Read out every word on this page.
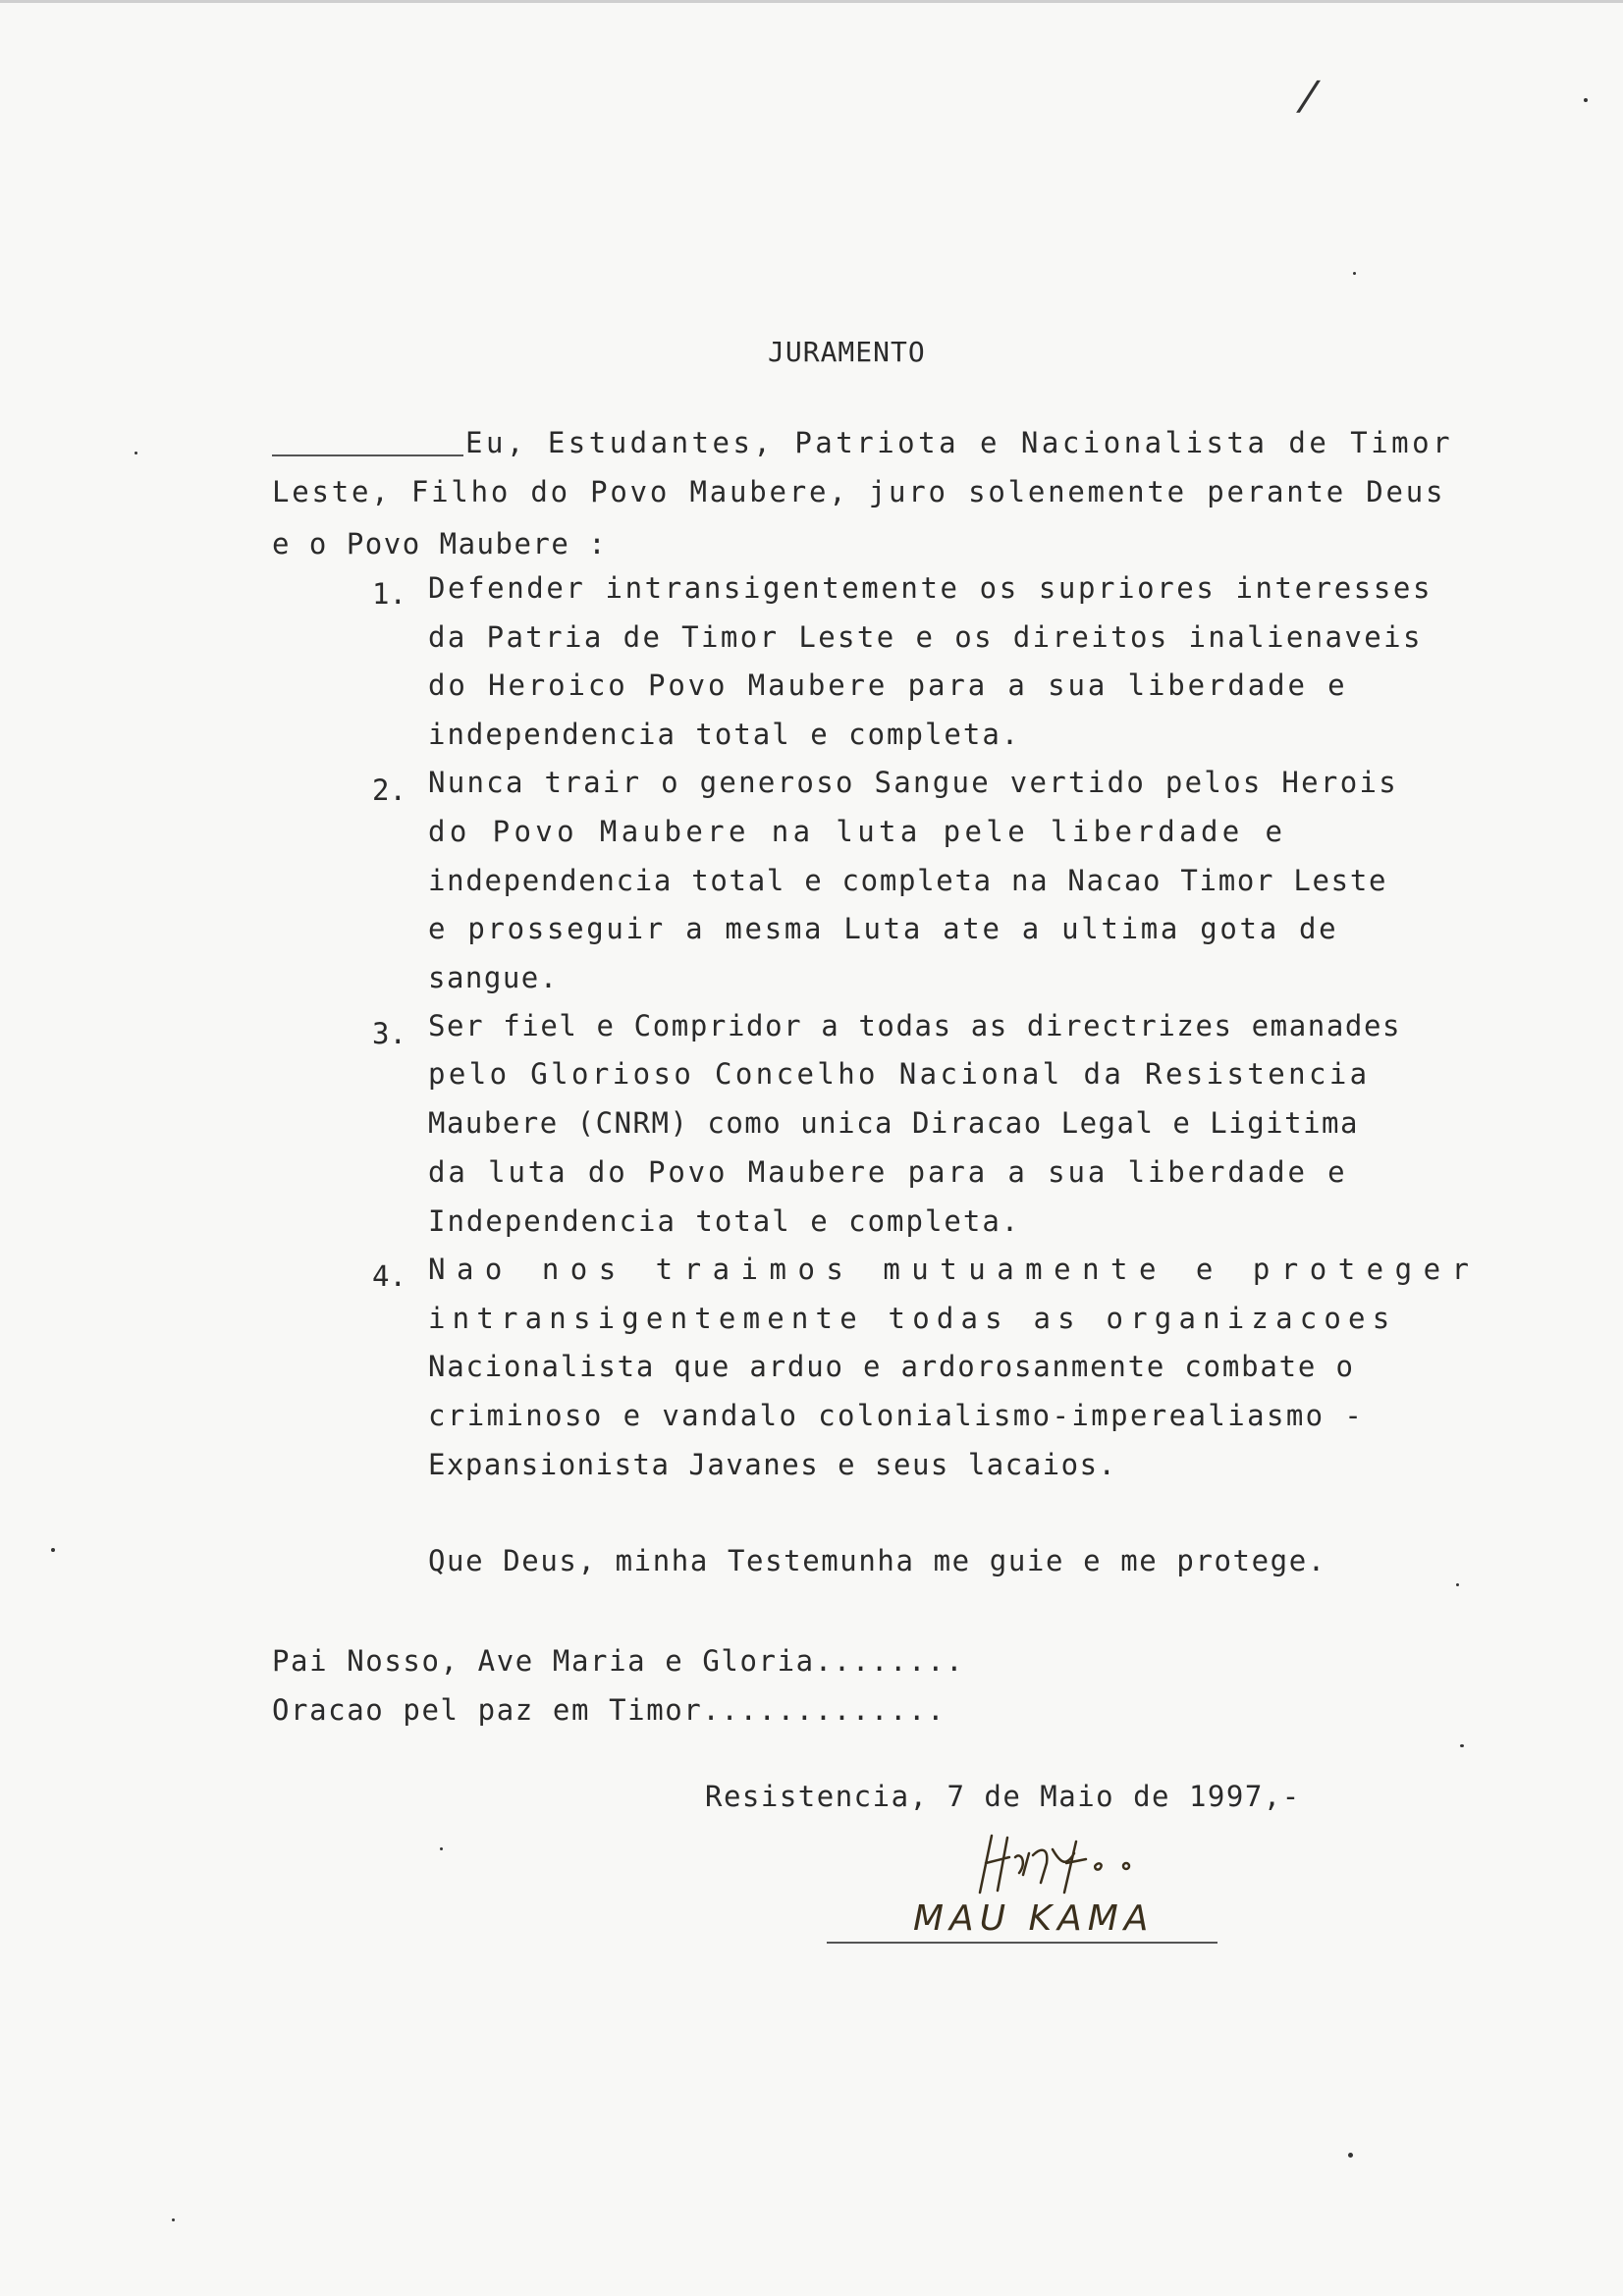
/
JURAMENTO
Eu, Estudantes, Patriota e Nacionalista de Timor
Leste, Filho do Povo Maubere, juro solenemente perante Deus
e o Povo Maubere :
1. Defender intransigentemente os supriores interesses
da Patria de Timor Leste e os direitos inalienaveis
do Heroico Povo Maubere para a sua liberdade e
independencia total e completa.
2. Nunca trair o generoso Sangue vertido pelos Herois
do Povo Maubere na luta pele liberdade e
independencia total e completa na Nacao Timor Leste
e prosseguir a mesma Luta ate a ultima gota de
sangue.
3. Ser fiel e Compridor a todas as directrizes emanades
pelo Glorioso Concelho Nacional da Resistencia
Maubere (CNRM) como unica Diracao Legal e Ligitima
da luta do Povo Maubere para a sua liberdade e
Independencia total e completa.
4. Nao nos traimos mutuamente e proteger
intransigentemente todas as organizacoes
Nacionalista que arduo e ardorosanmente combate o
criminoso e vandalo colonialismo-imperealiasmo -
Expansionista Javanes e seus lacaios.
Que Deus, minha Testemunha me guie e me protege.
Pai Nosso, Ave Maria e Gloria........
Oracao pel paz em Timor.............
Resistencia, 7 de Maio de 1997,-
MAU KAMA
